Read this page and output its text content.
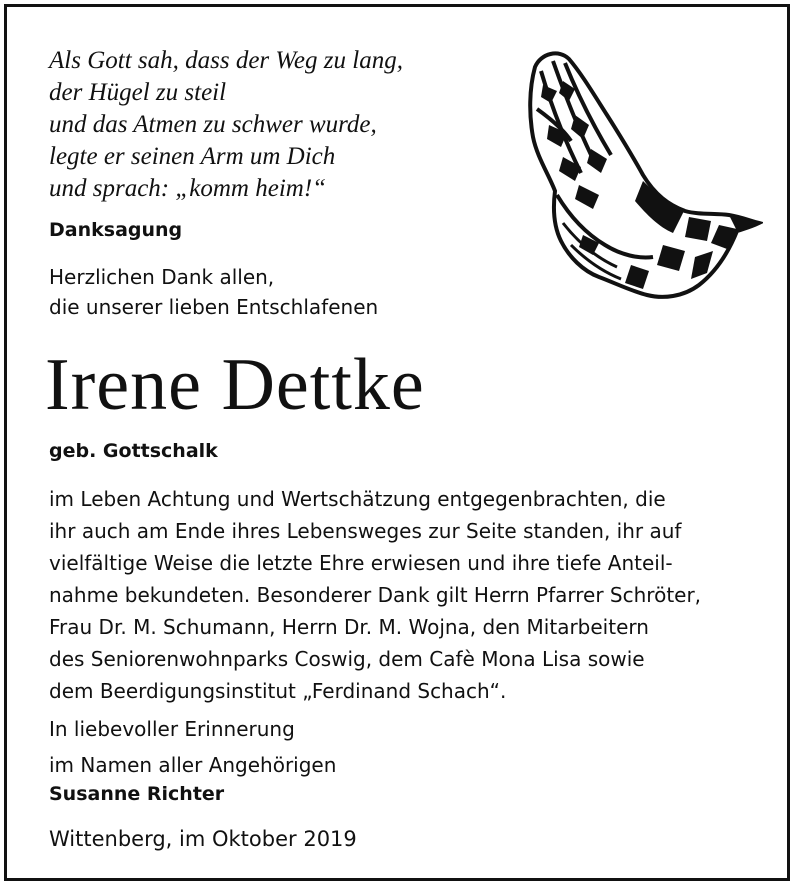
Als Gott sah, dass der Weg zu lang,
der Hügel zu steil
und das Atmen zu schwer wurde,
legte er seinen Arm um Dich
und sprach: „komm heim!“
Danksagung
Herzlichen Dank allen,
die unserer lieben Entschlafenen
Irene Dettke
geb. Gottschalk
im Leben Achtung und Wertschätzung entgegenbrachten, die
ihr auch am Ende ihres Lebensweges zur Seite standen, ihr auf
vielfältige Weise die letzte Ehre erwiesen und ihre tiefe Anteil-
nahme bekundeten. Besonderer Dank gilt Herrn Pfarrer Schröter,
Frau Dr. M. Schumann, Herrn Dr. M. Wojna, den Mitarbeitern
des Seniorenwohnparks Coswig, dem Cafè Mona Lisa sowie
dem Beerdigungsinstitut „Ferdinand Schach“.
In liebevoller Erinnerung
im Namen aller Angehörigen
Susanne Richter
Wittenberg, im Oktober 2019
